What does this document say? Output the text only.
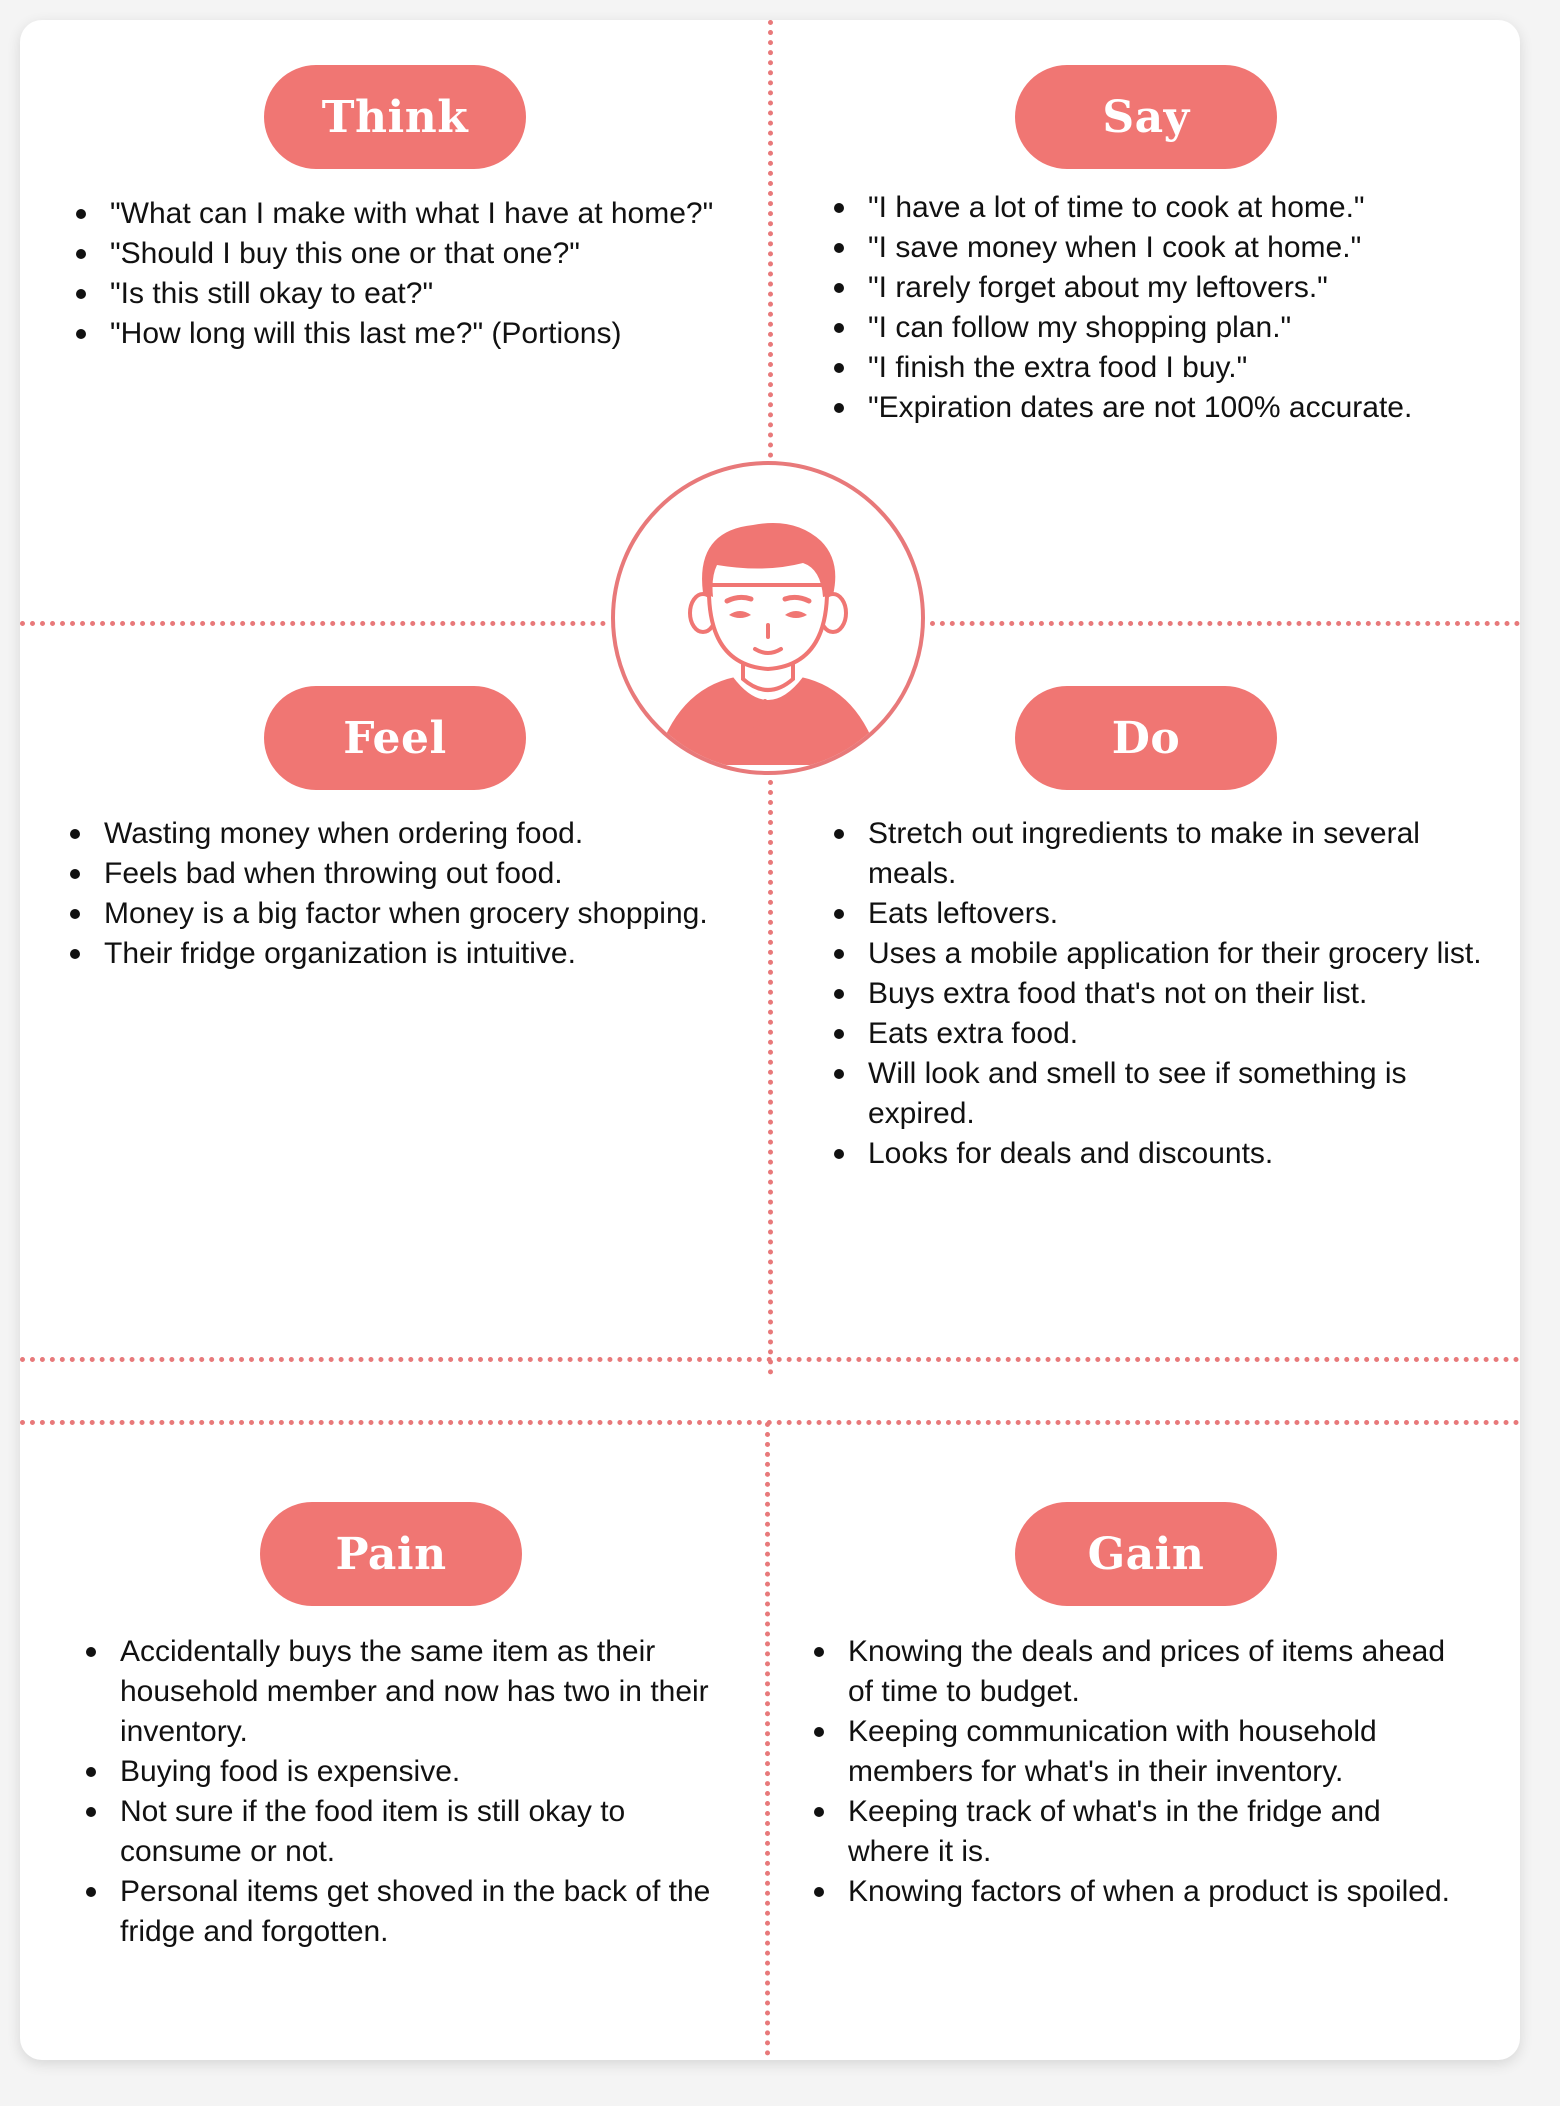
Think
"What can I make with what I have at home?"
"Should I buy this one or that one?"
"Is this still okay to eat?"
"How long will this last me?" (Portions)
Say
"I have a lot of time to cook at home."
"I save money when I cook at home."
"I rarely forget about my leftovers."
"I can follow my shopping plan."
"I finish the extra food I buy."
"Expiration dates are not 100% accurate.
Feel
Wasting money when ordering food.
Feels bad when throwing out food.
Money is a big factor when grocery shopping.
Their fridge organization is intuitive.
Do
Stretch out ingredients to make in several meals.
Eats leftovers.
Uses a mobile application for their grocery list.
Buys extra food that's not on their list.
Eats extra food.
Will look and smell to see if something is expired.
Looks for deals and discounts.
Pain
Accidentally buys the same item as their household member and now has two in their inventory.
Buying food is expensive.
Not sure if the food item is still okay to consume or not.
Personal items get shoved in the back of the fridge and forgotten.
Gain
Knowing the deals and prices of items ahead of time to budget.
Keeping communication with household members for what's in their inventory.
Keeping track of what's in the fridge and where it is.
Knowing factors of when a product is spoiled.
